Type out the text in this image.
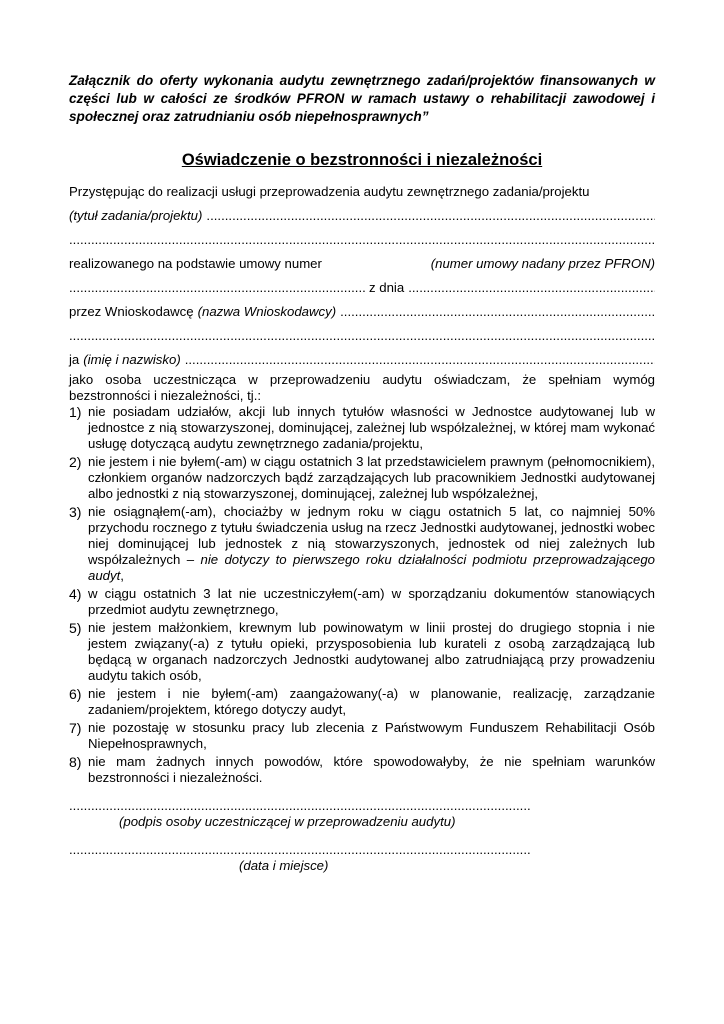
Załącznik do oferty wykonania audytu zewnętrznego zadań/projektów finansowanych w części lub w całości ze środków PFRON w ramach ustawy o rehabilitacji zawodowej i społecznej oraz zatrudnianiu osób niepełnosprawnych”

Oświadczenie o bezstronności i niezależności
Przystępując do realizacji usługi przeprowadzenia audytu zewnętrznego zadania/projektu
(tytuł zadania/projektu)
.....
.....
realizowanego na podstawie umowy numer	(numer umowy nadany przez PFRON)
.....
z dnia
.....
przez Wnioskodawcę (nazwa Wnioskodawcy)
.....
.....
ja (imię i nazwisko)
.....

jako osoba uczestnicząca w przeprowadzeniu audytu oświadczam, że spełniam wymóg bezstronności i niezależności, tj.:

1) nie posiadam udziałów, akcji lub innych tytułów własności w Jednostce audytowanej lub w jednostce z nią stowarzyszonej, dominującej, zależnej lub współzależnej, w której mam wykonać usługę dotyczącą audytu zewnętrznego zadania/projektu,
2) nie jestem i nie byłem(-am) w ciągu ostatnich 3 lat przedstawicielem prawnym (pełnomocnikiem), członkiem organów nadzorczych bądź zarządzających lub pracownikiem Jednostki audytowanej albo jednostki z nią stowarzyszonej, dominującej, zależnej lub współzależnej,
3) nie osiągnąłem(-am), chociażby w jednym roku w ciągu ostatnich 5 lat, co najmniej 50% przychodu rocznego z tytułu świadczenia usług na rzecz Jednostki audytowanej, jednostki wobec niej dominującej lub jednostek z nią stowarzyszonych, jednostek od niej zależnych lub współzależnych – nie dotyczy to pierwszego roku działalności podmiotu przeprowadzającego audyt,
4) w ciągu ostatnich 3 lat nie uczestniczyłem(-am) w sporządzaniu dokumentów stanowiących przedmiot audytu zewnętrznego,
5) nie jestem małżonkiem, krewnym lub powinowatym w linii prostej do drugiego stopnia i nie jestem związany(-a) z tytułu opieki, przysposobienia lub kurateli z osobą zarządzającą lub będącą w organach nadzorczych Jednostki audytowanej albo zatrudniającą przy prowadzeniu audytu takich osób,
6) nie jestem i nie byłem(-am) zaangażowany(-a) w planowanie, realizację, zarządzanie zadaniem/projektem, którego dotyczy audyt,
7) nie pozostaję w stosunku pracy lub zlecenia z Państwowym Funduszem Rehabilitacji Osób Niepełnosprawnych,
8) nie mam żadnych innych powodów, które spowodowałyby, że nie spełniam warunków bezstronności i niezależności.
.....
(podpis osoby uczestniczącej w przeprowadzeniu audytu)
.....
(data i miejsce)
